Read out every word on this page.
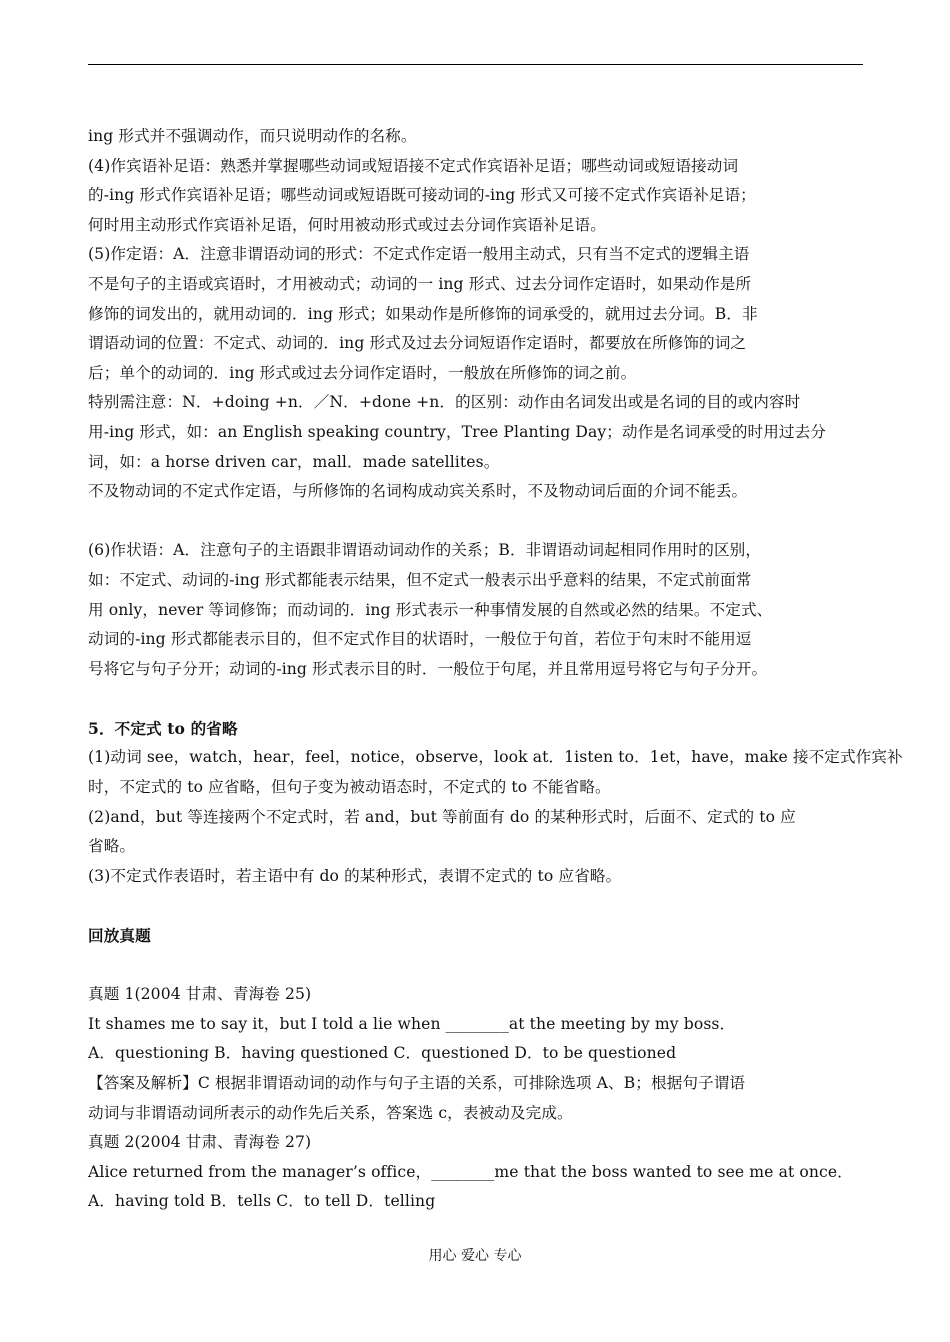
ing 形式并不强调动作，而只说明动作的名称。
(4)作宾语补足语：熟悉并掌握哪些动词或短语接不定式作宾语补足语；哪些动词或短语接动词
的-ing 形式作宾语补足语；哪些动词或短语既可接动词的-ing 形式又可接不定式作宾语补足语；
何时用主动形式作宾语补足语，何时用被动形式或过去分词作宾语补足语。
(5)作定语：A．注意非谓语动词的形式：不定式作定语一般用主动式，只有当不定式的逻辑主语
不是句子的主语或宾语时，才用被动式；动词的一 ing 形式、过去分词作定语时，如果动作是所
修饰的词发出的，就用动词的．ing 形式；如果动作是所修饰的词承受的，就用过去分词。B．非
谓语动词的位置：不定式、动词的．ing 形式及过去分词短语作定语时，都要放在所修饰的词之
后；单个的动词的．ing 形式或过去分词作定语时，一般放在所修饰的词之前。
特别需注意：N．+doing +n．／N．+done +n．的区别：动作由名词发出或是名词的目的或内容时
用-ing 形式，如：an English speaking country，Tree Planting Day；动作是名词承受的时用过去分
词，如：a horse driven car，mall．made satellites。
不及物动词的不定式作定语，与所修饰的名词构成动宾关系时，不及物动词后面的介词不能丢。
(6)作状语：A．注意句子的主语跟非谓语动词动作的关系；B．非谓语动词起相同作用时的区别，
如：不定式、动词的-ing 形式都能表示结果，但不定式一般表示出乎意料的结果，不定式前面常
用 only，never 等词修饰；而动词的．ing 形式表示一种事情发展的自然或必然的结果。不定式、
动词的-ing 形式都能表示目的，但不定式作目的状语时，一般位于句首，若位于句末时不能用逗
号将它与句子分开；动词的-ing 形式表示目的时．一般位于句尾，并且常用逗号将它与句子分开。
5．不定式 to 的省略
(1)动词 see，watch，hear，feel，notice，observe，look at．1isten to．1et，have，make 接不定式作宾补
时，不定式的 to 应省略，但句子变为被动语态时，不定式的 to 不能省略。
(2)and，but 等连接两个不定式时，若 and，but 等前面有 do 的某种形式时，后面不、定式的 to 应
省略。
(3)不定式作表语时，若主语中有 do 的某种形式，表谓不定式的 to 应省略。
回放真题
真题 1(2004 甘肃、青海卷 25)
It shames me to say it，but I told a lie when ________at the meeting by my boss．
A．questioning B．having questioned C．questioned D．to be questioned
【答案及解析】C 根据非谓语动词的动作与句子主语的关系，可排除选项 A、B；根据句子谓语
动词与非谓语动词所表示的动作先后关系，答案选 c，表被动及完成。
真题 2(2004 甘肃、青海卷 27)
Alice returned from the manager’s office，________me that the boss wanted to see me at once．
A．having told B．tells C．to tell D．telling
用心 爱心 专心
